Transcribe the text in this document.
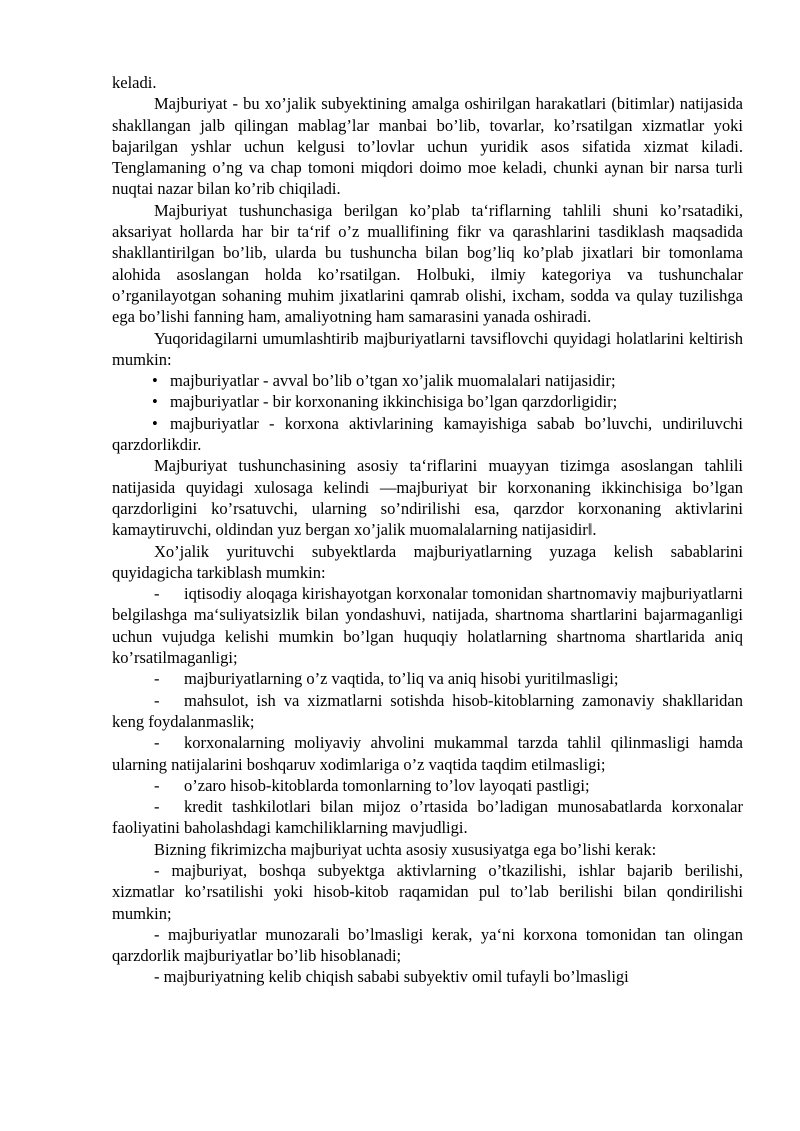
keladi.

Majburiyat - bu xo’jalik subyektining amalga oshirilgan harakatlari (bitimlar) natijasida shakllangan jalb qilingan mablag’lar manbai bo’lib, tovarlar, ko’rsatilgan xizmatlar yoki bajarilgan yshlar uchun kelgusi to’lovlar uchun yuridik asos sifatida xizmat kiladi. Tenglamaning o’ng va chap tomoni miqdori doimo moe keladi, chunki aynan bir narsa turli nuqtai nazar bilan ko’rib chiqiladi.

Majburiyat tushunchasiga berilgan ko’plab ta‘riflarning tahlili shuni ko’rsatadiki, aksariyat hollarda har bir ta‘rif o’z muallifining fikr va qarashlarini tasdiklash maqsadida shakllantirilgan bo’lib, ularda bu tushuncha bilan bog’liq ko’plab jixatlari bir tomonlama alohida asoslangan holda ko’rsatilgan. Holbuki, ilmiy kategoriya va tushunchalar o’rganilayotgan sohaning muhim jixatlarini qamrab olishi, ixcham, sodda va qulay tuzilishga ega bo’lishi fanning ham, amaliyotning ham samarasini yanada oshiradi.

Yuqoridagilarni umumlashtirib majburiyatlarni tavsiflovchi quyidagi holatlarini keltirish mumkin:

• majburiyatlar - avval bo’lib o’tgan xo’jalik muomalalari natijasidir;

• majburiyatlar - bir korxonaning ikkinchisiga bo’lgan qarzdorligidir;

• majburiyatlar - korxona aktivlarining kamayishiga sabab bo’luvchi, undiriluvchi qarzdorlikdir.

Majburiyat tushunchasining asosiy ta‘riflarini muayyan tizimga asoslangan tahlili natijasida quyidagi xulosaga kelindi ―majburiyat bir korxonaning ikkinchisiga bo’lgan qarzdorligini ko’rsatuvchi, ularning so’ndirilishi esa, qarzdor korxonaning aktivlarini kamaytiruvchi, oldindan yuz bergan xo’jalik muomalalarning natijasidir‖.

Xo’jalik yurituvchi subyektlarda majburiyatlarning yuzaga kelish sabablarini quyidagicha tarkiblash mumkin:

- iqtisodiy aloqaga kirishayotgan korxonalar tomonidan shartnomaviy majburiyatlarni belgilashga ma‘suliyatsizlik bilan yondashuvi, natijada, shartnoma shartlarini bajarmaganligi uchun vujudga kelishi mumkin bo’lgan huquqiy holatlarning shartnoma shartlarida aniq ko’rsatilmaganligi;

- majburiyatlarning o’z vaqtida, to’liq va aniq hisobi yuritilmasligi;

- mahsulot, ish va xizmatlarni sotishda hisob-kitoblarning zamonaviy shakllaridan keng foydalanmaslik;

- korxonalarning moliyaviy ahvolini mukammal tarzda tahlil qilinmasligi hamda ularning natijalarini boshqaruv xodimlariga o’z vaqtida taqdim etilmasligi;

- o’zaro hisob-kitoblarda tomonlarning to’lov layoqati pastligi;

- kredit tashkilotlari bilan mijoz o’rtasida bo’ladigan munosabatlarda korxonalar faoliyatini baholashdagi kamchiliklarning mavjudligi.

Bizning fikrimizcha majburiyat uchta asosiy xususiyatga ega bo’lishi kerak:

- majburiyat, boshqa subyektga aktivlarning o’tkazilishi, ishlar bajarib berilishi, xizmatlar ko’rsatilishi yoki hisob-kitob raqamidan pul to’lab berilishi bilan qondirilishi mumkin;

- majburiyatlar munozarali bo’lmasligi kerak, ya‘ni korxona tomonidan tan olingan qarzdorlik majburiyatlar bo’lib hisoblanadi;

- majburiyatning kelib chiqish sababi subyektiv omil tufayli bo’lmasligi
